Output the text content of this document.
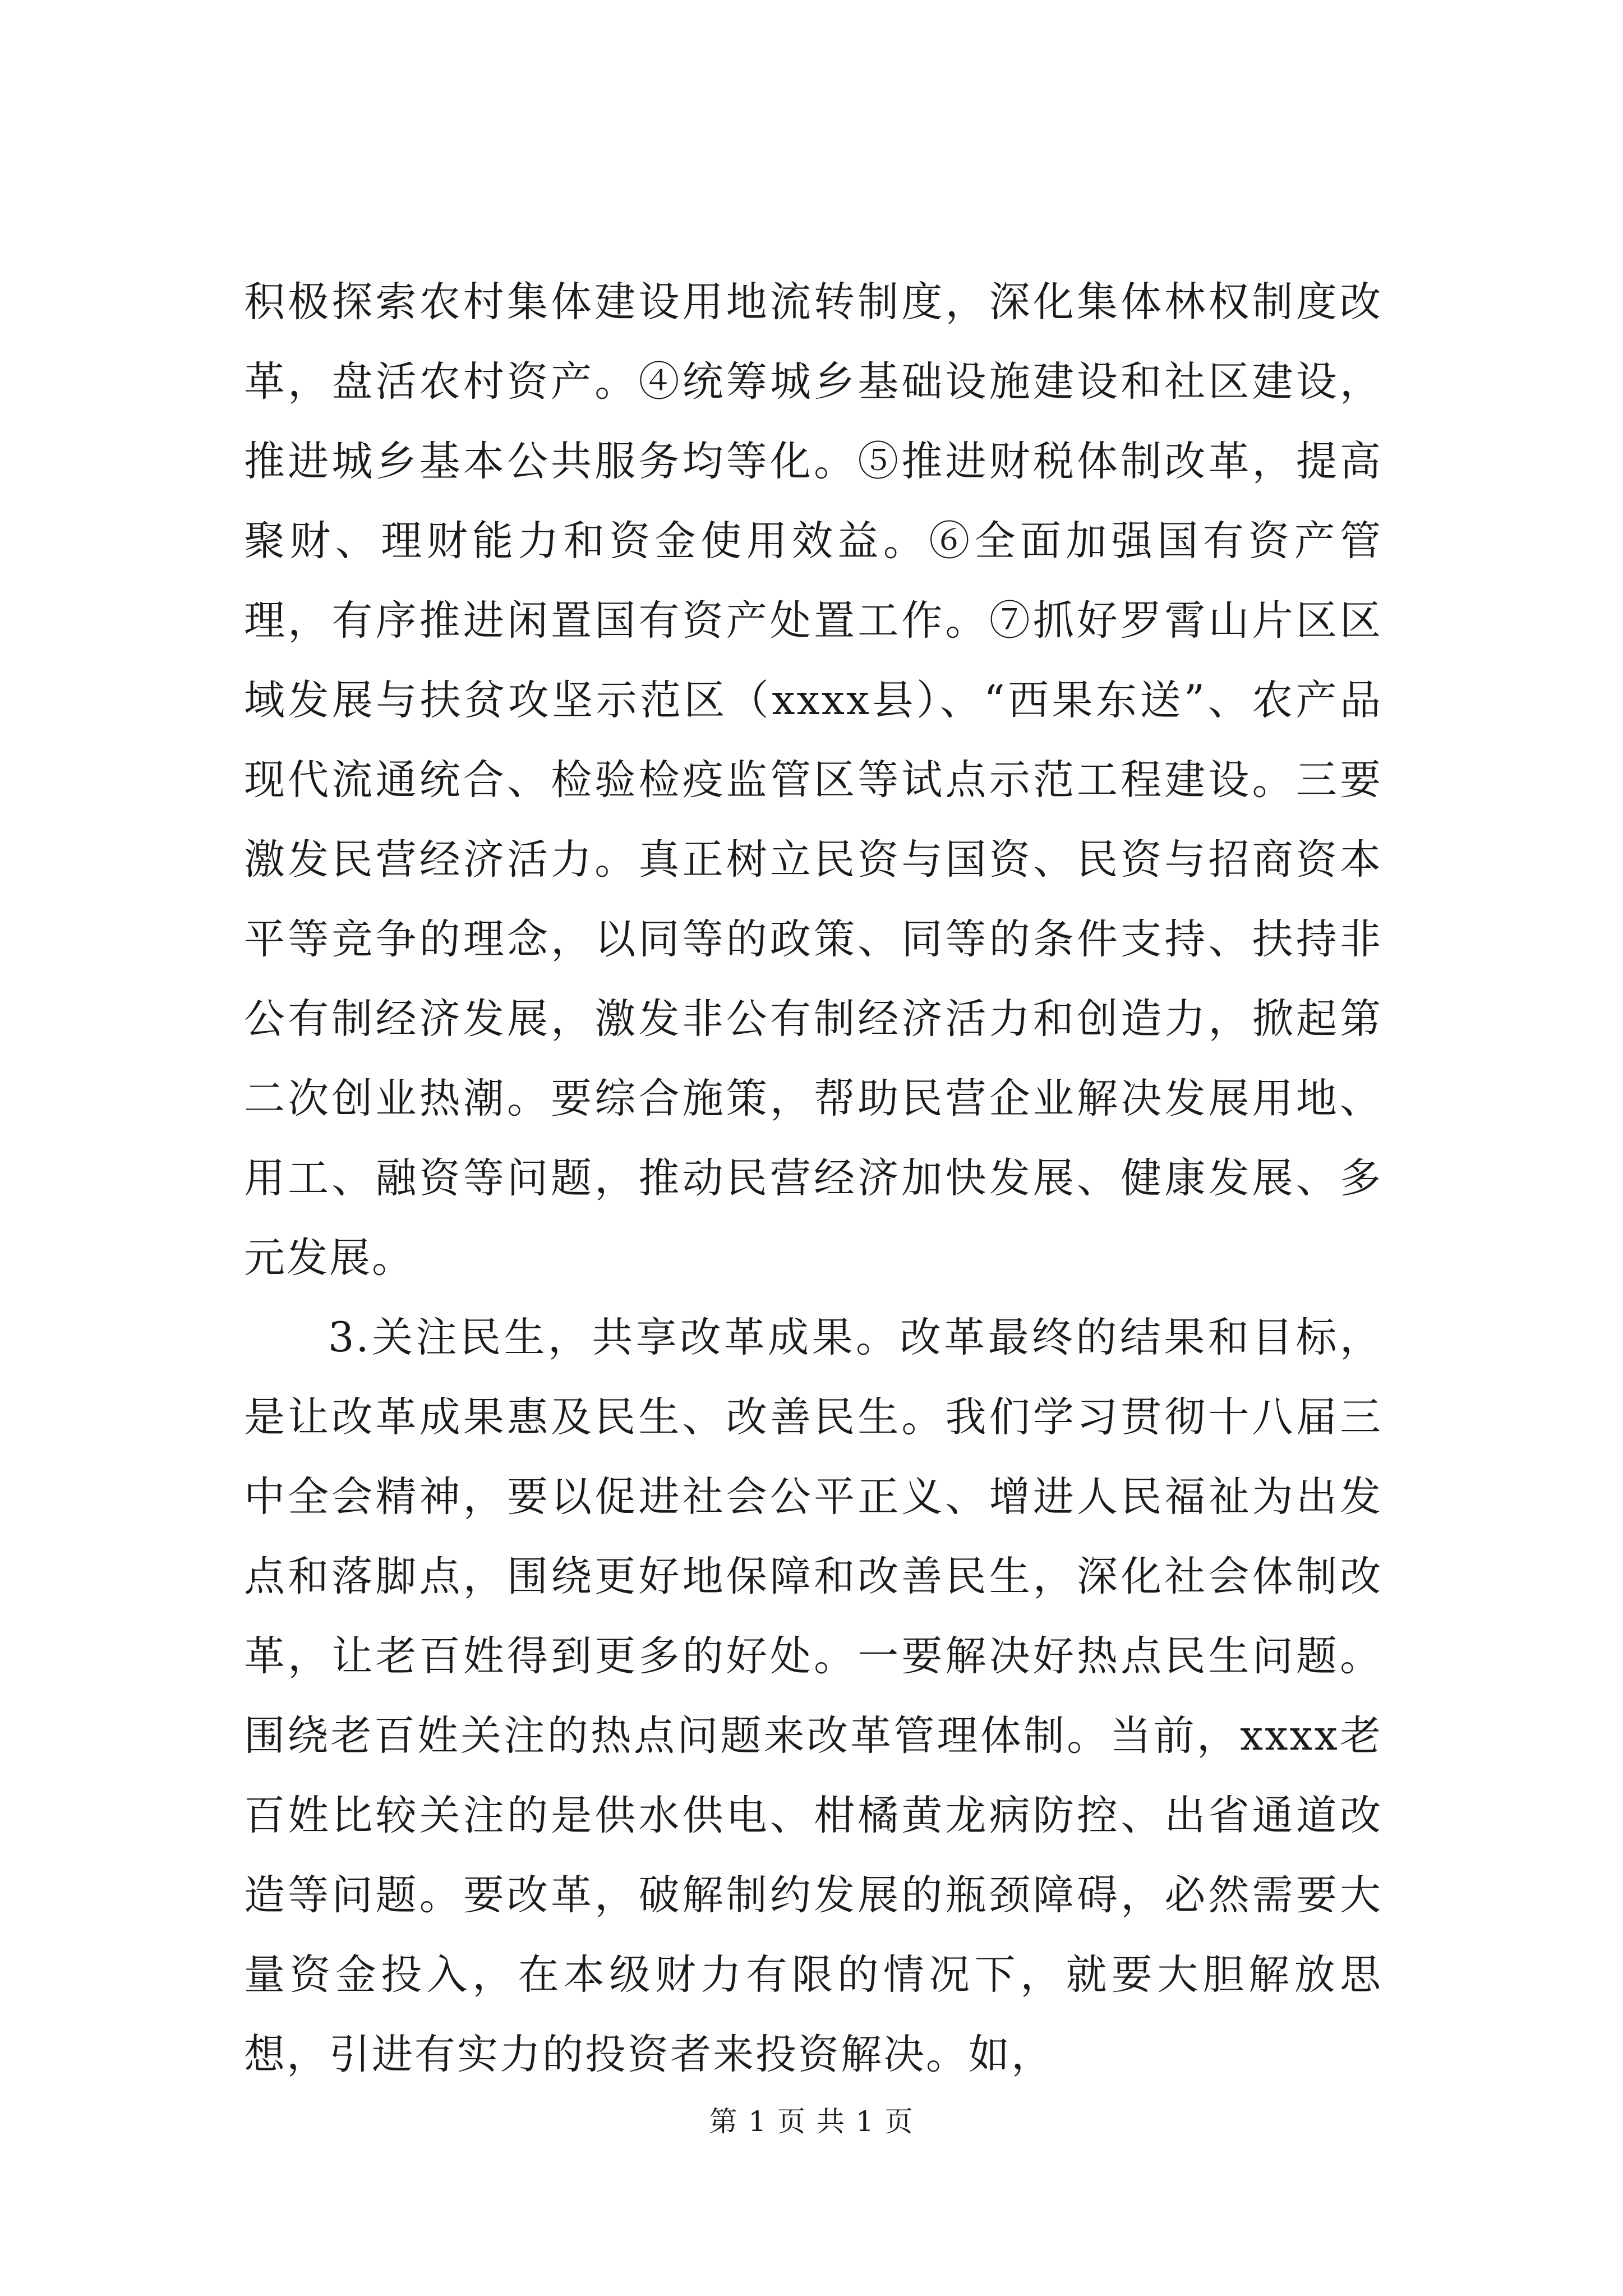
积极探索农村集体建设用地流转制度，深化集体林权制度改革，盘活农村资产。④统筹城乡基础设施建设和社区建设，推进城乡基本公共服务均等化。⑤推进财税体制改革，提高聚财、理财能力和资金使用效益。⑥全面加强国有资产管理，有序推进闲置国有资产处置工作。⑦抓好罗霄山片区区域发展与扶贫攻坚示范区（xxxx县）、“西果东送”、农产品现代流通统合、检验检疫监管区等试点示范工程建设。三要激发民营经济活力。真正树立民资与国资、民资与招商资本平等竞争的理念，以同等的政策、同等的条件支持、扶持非公有制经济发展，激发非公有制经济活力和创造力，掀起第二次创业热潮。要综合施策，帮助民营企业解决发展用地、用工、融资等问题，推动民营经济加快发展、健康发展、多元发展。

3.关注民生，共享改革成果。改革最终的结果和目标，是让改革成果惠及民生、改善民生。我们学习贯彻十八届三中全会精神，要以促进社会公平正义、增进人民福祉为出发点和落脚点，围绕更好地保障和改善民生，深化社会体制改革，让老百姓得到更多的好处。一要解决好热点民生问题。围绕老百姓关注的热点问题来改革管理体制。当前，xxxx老百姓比较关注的是供水供电、柑橘黄龙病防控、出省通道改造等问题。要改革，破解制约发展的瓶颈障碍，必然需要大量资金投入，在本级财力有限的情况下，就要大胆解放思想，引进有实力的投资者来投资解决。如，

第 1 页 共 1 页
